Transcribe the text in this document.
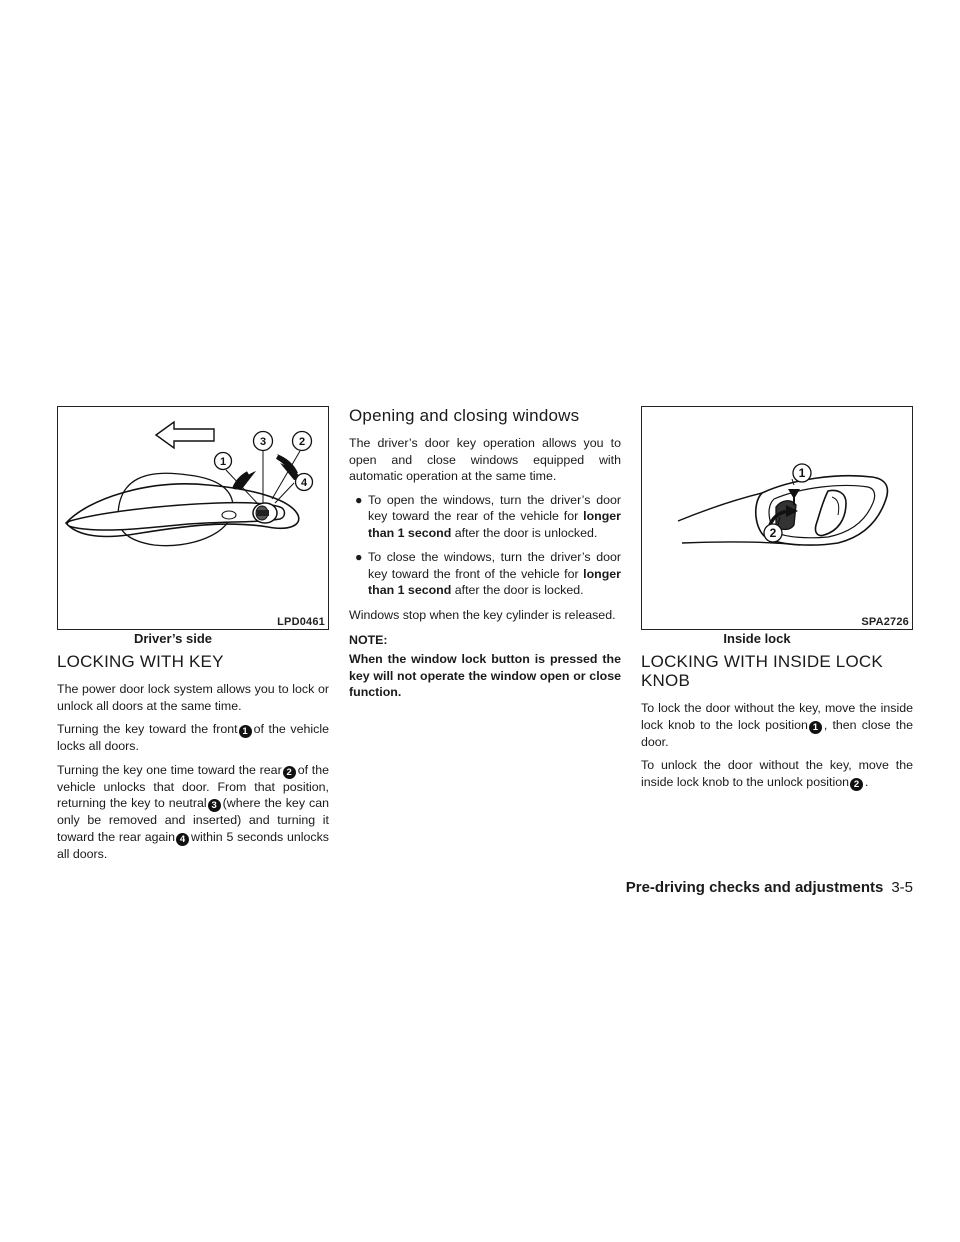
1
3	2
4
LPD0461
Driver’s side
LOCKING WITH KEY

The power door lock system allows you to lock or unlock all doors at the same time.

Turning the key toward the front 1 of the vehicle locks all doors.

Turning the key one time toward the rear 2 of the vehicle unlocks that door. From that position, returning the key to neutral 3 (where the key can only be removed and inserted) and turning it toward the rear again 4 within 5 seconds unlocks all doors.

Opening and closing windows

The driver’s door key operation allows you to open and close windows equipped with automatic operation at the same time.

● To open the windows, turn the driver’s door key toward the rear of the vehicle for longer than 1 second after the door is unlocked.
● To close the windows, turn the driver’s door key toward the front of the vehicle for longer than 1 second after the door is locked.

Windows stop when the key cylinder is released.

NOTE:
When the window lock button is pressed the key will not operate the window open or close function.
1
2
SPA2726
Inside lock
LOCKING WITH INSIDE LOCK KNOB

To lock the door without the key, move the inside lock knob to the lock position 1 , then close the door.

To unlock the door without the key, move the inside lock knob to the unlock position 2 .

Pre-driving checks and adjustments 3-5
